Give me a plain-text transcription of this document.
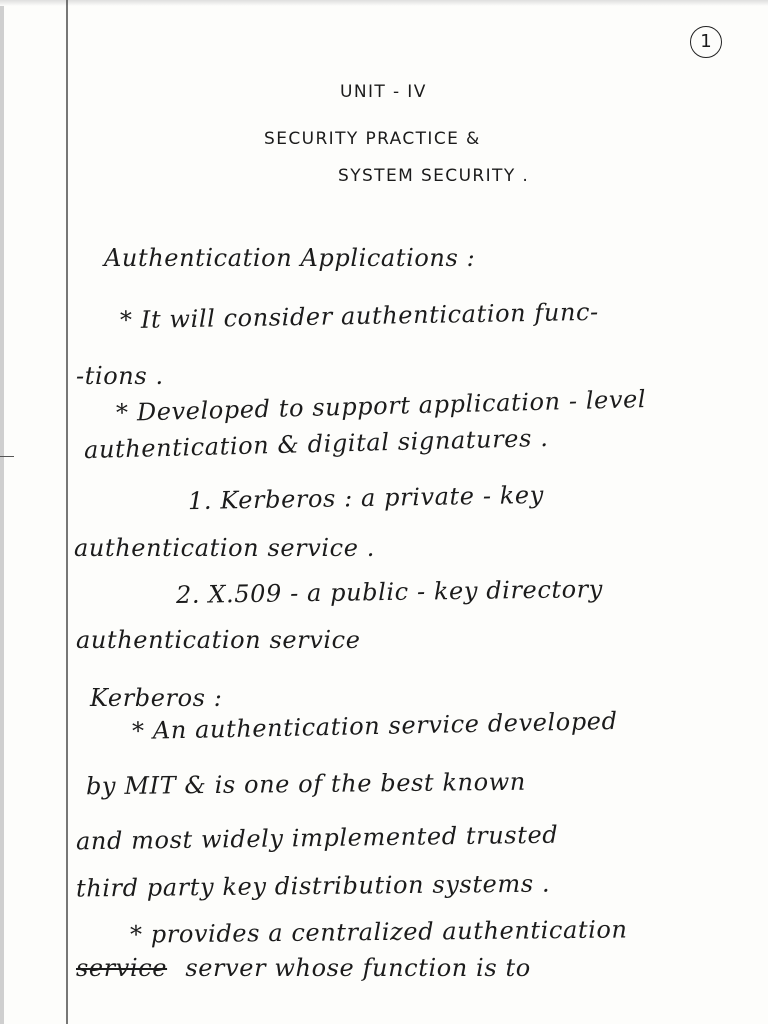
1
UNIT - IV
SECURITY PRACTICE &
SYSTEM SECURITY .
Authentication Applications :
* It will consider authentication func-
-tions .
* Developed to support application - level
authentication & digital signatures .
1. Kerberos : a private - key
authentication service .
2. X.509 - a public - key directory
authentication service
Kerberos :
* An authentication service developed
by MIT & is one of the best known
and most widely implemented trusted
third party key distribution systems .
* provides a centralized authentication
service server whose function is to
